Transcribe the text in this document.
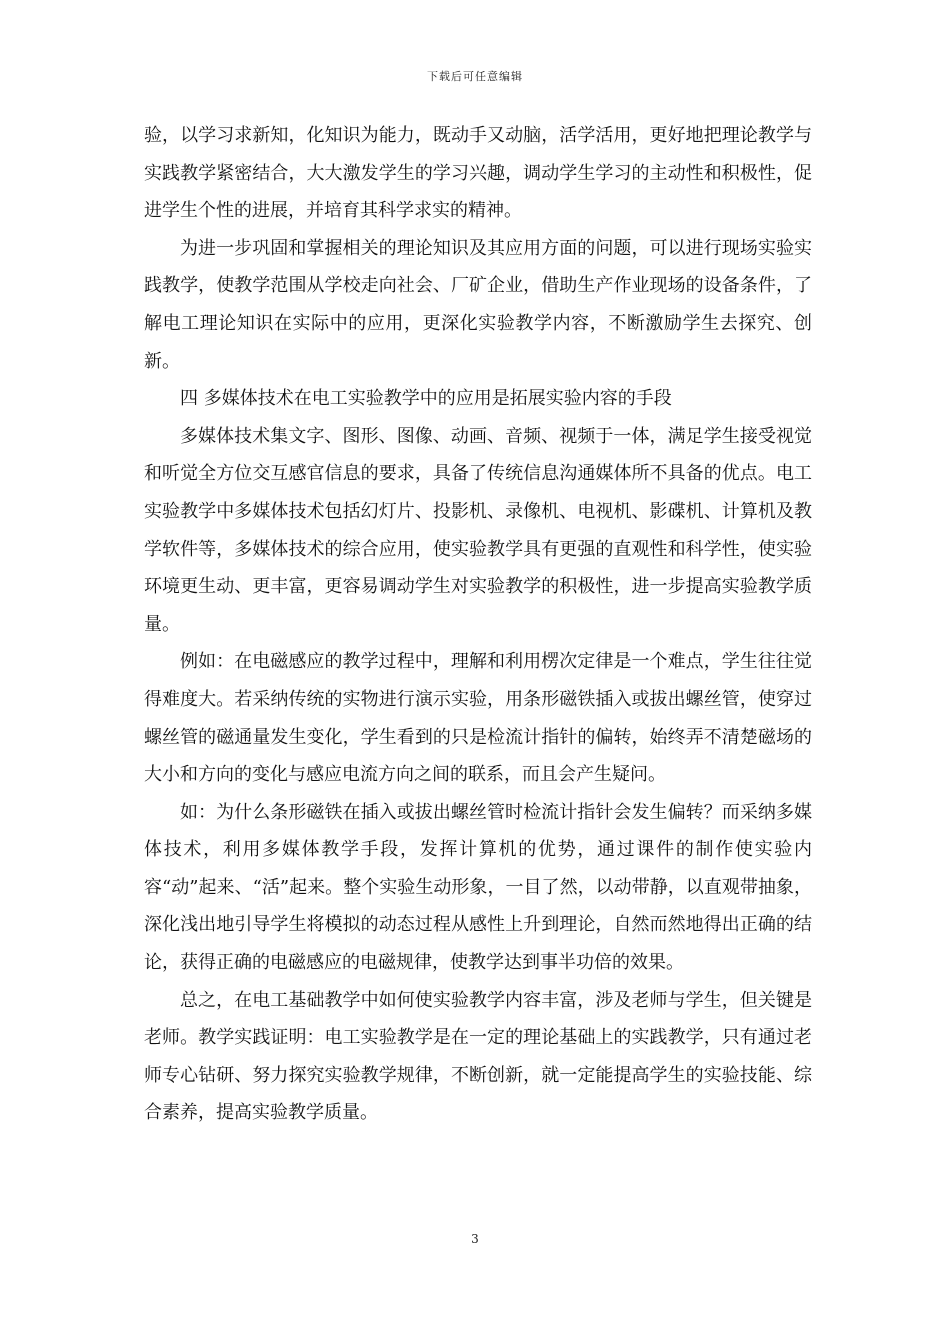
下载后可任意编辑

验，以学习求新知，化知识为能力，既动手又动脑，活学活用，更好地把理论教学与实践教学紧密结合，大大激发学生的学习兴趣，调动学生学习的主动性和积极性，促进学生个性的进展，并培育其科学求实的精神。

为进一步巩固和掌握相关的理论知识及其应用方面的问题，可以进行现场实验实践教学，使教学范围从学校走向社会、厂矿企业，借助生产作业现场的设备条件，了解电工理论知识在实际中的应用，更深化实验教学内容，不断激励学生去探究、创新。

四 多媒体技术在电工实验教学中的应用是拓展实验内容的手段

多媒体技术集文字、图形、图像、动画、音频、视频于一体，满足学生接受视觉和听觉全方位交互感官信息的要求，具备了传统信息沟通媒体所不具备的优点。电工实验教学中多媒体技术包括幻灯片、投影机、录像机、电视机、影碟机、计算机及教学软件等，多媒体技术的综合应用，使实验教学具有更强的直观性和科学性，使实验环境更生动、更丰富，更容易调动学生对实验教学的积极性，进一步提高实验教学质量。

例如：在电磁感应的教学过程中，理解和利用楞次定律是一个难点，学生往往觉得难度大。若采纳传统的实物进行演示实验，用条形磁铁插入或拔出螺丝管，使穿过螺丝管的磁通量发生变化，学生看到的只是检流计指针的偏转，始终弄不清楚磁场的大小和方向的变化与感应电流方向之间的联系，而且会产生疑问。

如：为什么条形磁铁在插入或拔出螺丝管时检流计指针会发生偏转？而采纳多媒体技术，利用多媒体教学手段，发挥计算机的优势，通过课件的制作使实验内容“动”起来、“活”起来。整个实验生动形象，一目了然，以动带静，以直观带抽象，深化浅出地引导学生将模拟的动态过程从感性上升到理论，自然而然地得出正确的结论，获得正确的电磁感应的电磁规律，使教学达到事半功倍的效果。

总之，在电工基础教学中如何使实验教学内容丰富，涉及老师与学生，但关键是老师。教学实践证明：电工实验教学是在一定的理论基础上的实践教学，只有通过老师专心钻研、努力探究实验教学规律，不断创新，就一定能提高学生的实验技能、综合素养，提高实验教学质量。

3
